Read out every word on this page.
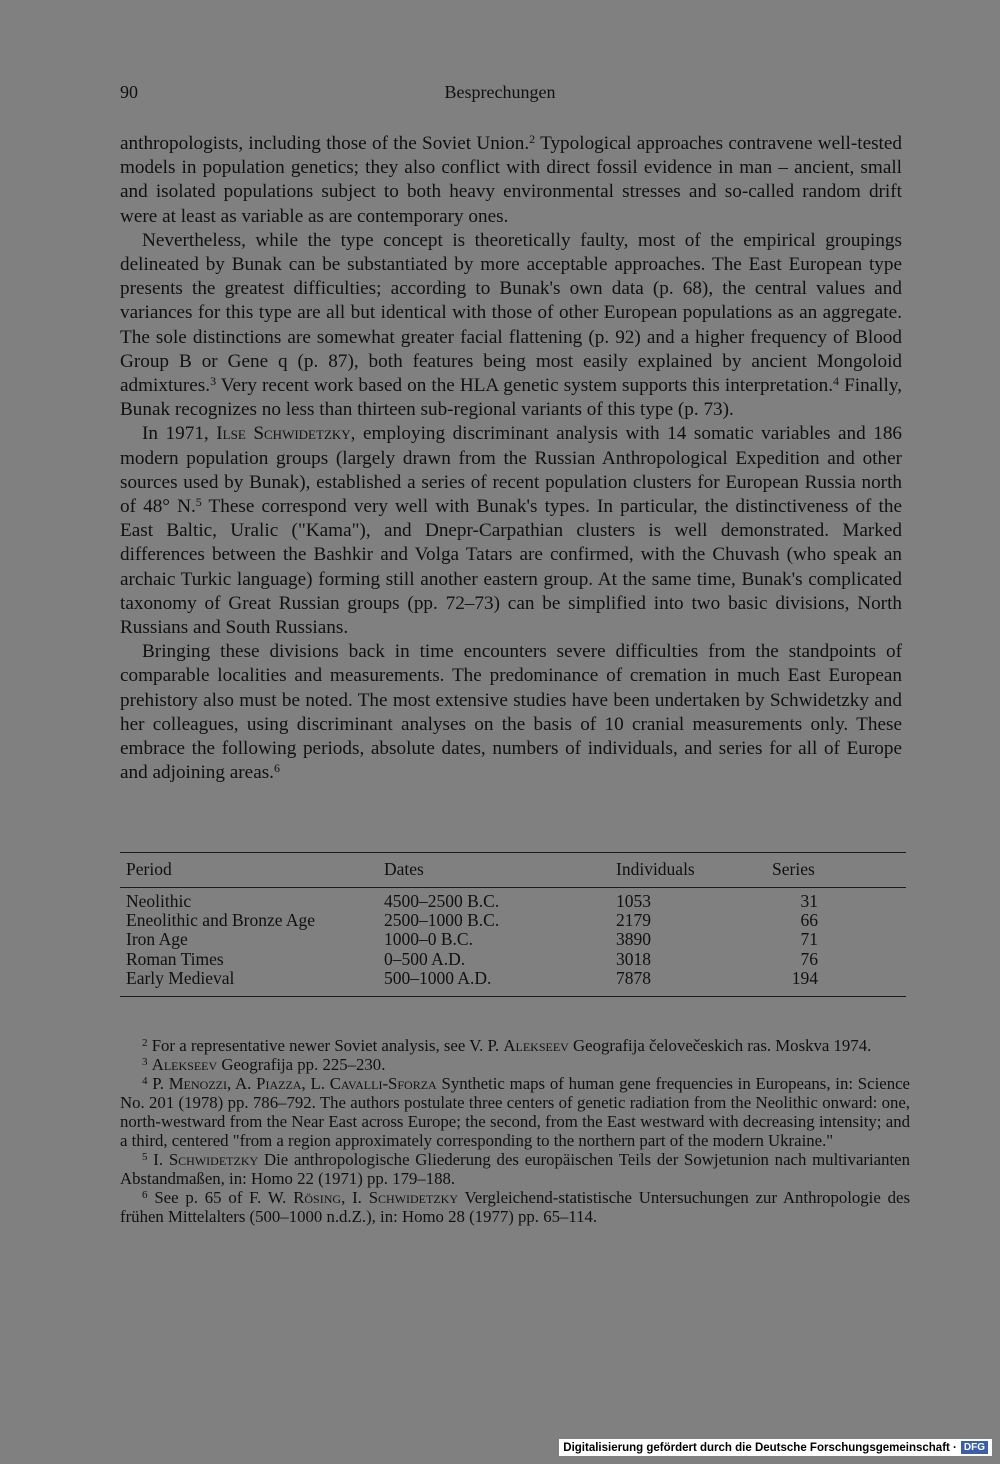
90	Besprechungen

anthropologists, including those of the Soviet Union.$^2$ Typological approaches contravene well-tested models in population genetics; they also conflict with direct fossil evidence in man – ancient, small and isolated populations subject to both heavy environmental stresses and so-called random drift were at least as variable as are contemporary ones.

Nevertheless, while the type concept is theoretically faulty, most of the empirical groupings delineated by Bunak can be substantiated by more acceptable approaches. The East European type presents the greatest difficulties; according to Bunak's own data (p. 68), the central values and variances for this type are all but identical with those of other European populations as an aggregate. The sole distinctions are somewhat greater facial flattening (p. 92) and a higher frequency of Blood Group B or Gene q (p. 87), both features being most easily explained by ancient Mongoloid admixtures.$^3$ Very recent work based on the HLA genetic system supports this interpretation.$^4$ Finally, Bunak recognizes no less than thirteen sub-regional variants of this type (p. 73).

In 1971, Ilse Schwidetzky, employing discriminant analysis with 14 somatic variables and 186 modern population groups (largely drawn from the Russian Anthropological Expedition and other sources used by Bunak), established a series of recent population clusters for European Russia north of 48° N.$^5$ These correspond very well with Bunak's types. In particular, the distinctiveness of the East Baltic, Uralic ("Kama"), and Dnepr-Carpathian clusters is well demonstrated. Marked differences between the Bashkir and Volga Tatars are confirmed, with the Chuvash (who speak an archaic Turkic language) forming still another eastern group. At the same time, Bunak's complicated taxonomy of Great Russian groups (pp. 72–73) can be simplified into two basic divisions, North Russians and South Russians.

Bringing these divisions back in time encounters severe difficulties from the standpoints of comparable localities and measurements. The predominance of cremation in much East European prehistory also must be noted. The most extensive studies have been undertaken by Schwidetzky and her colleagues, using discriminant analyses on the basis of 10 cranial measurements only. These embrace the following periods, absolute dates, numbers of individuals, and series for all of Europe and adjoining areas.$^6$

Period	Dates	Individuals	Series
Neolithic	4500–2500 B.C.	1053	31
Eneolithic and Bronze Age	2500–1000 B.C.	2179	66
Iron Age	1000–0 B.C.	3890	71
Roman Times	0–500 A.D.	3018	76
Early Medieval	500–1000 A.D.	7878	194

$^2$ For a representative newer Soviet analysis, see V. P. Alekseev Geografija čelovečeskich ras. Moskva 1974.

$^3$ Alekseev Geografija pp. 225–230.

$^4$ P. Menozzi, A. Piazza, L. Cavalli-Sforza Synthetic maps of human gene frequencies in Europeans, in: Science No. 201 (1978) pp. 786–792. The authors postulate three centers of genetic radiation from the Neolithic onward: one, north-westward from the Near East across Europe; the second, from the East westward with decreasing intensity; and a third, centered "from a region approximately corresponding to the northern part of the modern Ukraine."

$^5$ I. Schwidetzky Die anthropologische Gliederung des europäischen Teils der Sowjetunion nach multivarianten Abstandmaßen, in: Homo 22 (1971) pp. 179–188.

$^6$ See p. 65 of F. W. Rösing, I. Schwidetzky Vergleichend-statistische Untersuchungen zur Anthropologie des frühen Mittelalters (500–1000 n.d.Z.), in: Homo 28 (1977) pp. 65–114.

Digitalisierung gefördert durch die Deutsche Forschungsgemeinschaft · DFG
